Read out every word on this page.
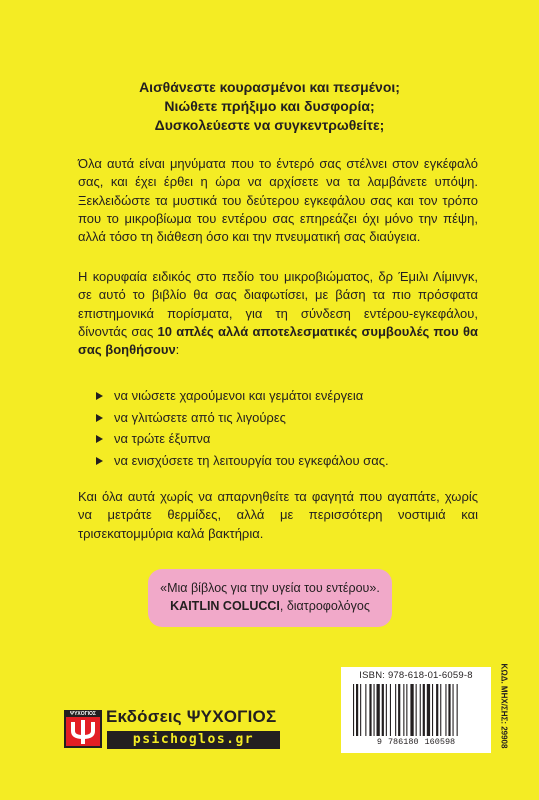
Αισθάνεστε κουρασμένοι και πεσμένοι;
Νιώθετε πρήξιμο και δυσφορία;
Δυσκολεύεστε να συγκεντρωθείτε;

Όλα αυτά είναι μηνύματα που το έντερό σας στέλνει στον εγκέφαλό σας, και έχει έρθει η ώρα να αρχίσετε να τα λαμβάνετε υπόψη. Ξεκλειδώστε τα μυστικά του δεύτερου εγκεφάλου σας και τον τρόπο που το μικροβίωμα του εντέρου σας επηρεάζει όχι μόνο την πέψη, αλλά τόσο τη διάθεση όσο και την πνευματική σας διαύγεια.

Η κορυφαία ειδικός στο πεδίο του μικροβιώματος, δρ Έμιλι Λίμινγκ, σε αυτό το βιβλίο θα σας διαφωτίσει, με βάση τα πιο πρόσφατα επιστημονικά πορίσματα, για τη σύνδεση εντέρου-εγκεφάλου, δίνοντάς σας 10 απλές αλλά αποτελεσματικές συμβουλές που θα σας βοηθήσουν:

να νιώσετε χαρούμενοι και γεμάτοι ενέργεια
να γλιτώσετε από τις λιγούρες
να τρώτε έξυπνα
να ενισχύσετε τη λειτουργία του εγκεφάλου σας.

Και όλα αυτά χωρίς να απαρνηθείτε τα φαγητά που αγαπάτε, χωρίς να μετράτε θερμίδες, αλλά με περισσότερη νοστιμιά και τρισεκατομμύρια καλά βακτήρια.

«Μια βίβλος για την υγεία του εντέρου».
KAITLIN COLUCCI, διατροφολόγος
ISBN: 978-618-01-6059-8
9 786180 160598	ΚΩΔ. ΜΗΧ/ΣΗΣ: 29908
ΨΥΧΟΓΙΟΣ Εκδόσεις ΨΥΧΟΓΙΟΣ
psichoglos.gr
